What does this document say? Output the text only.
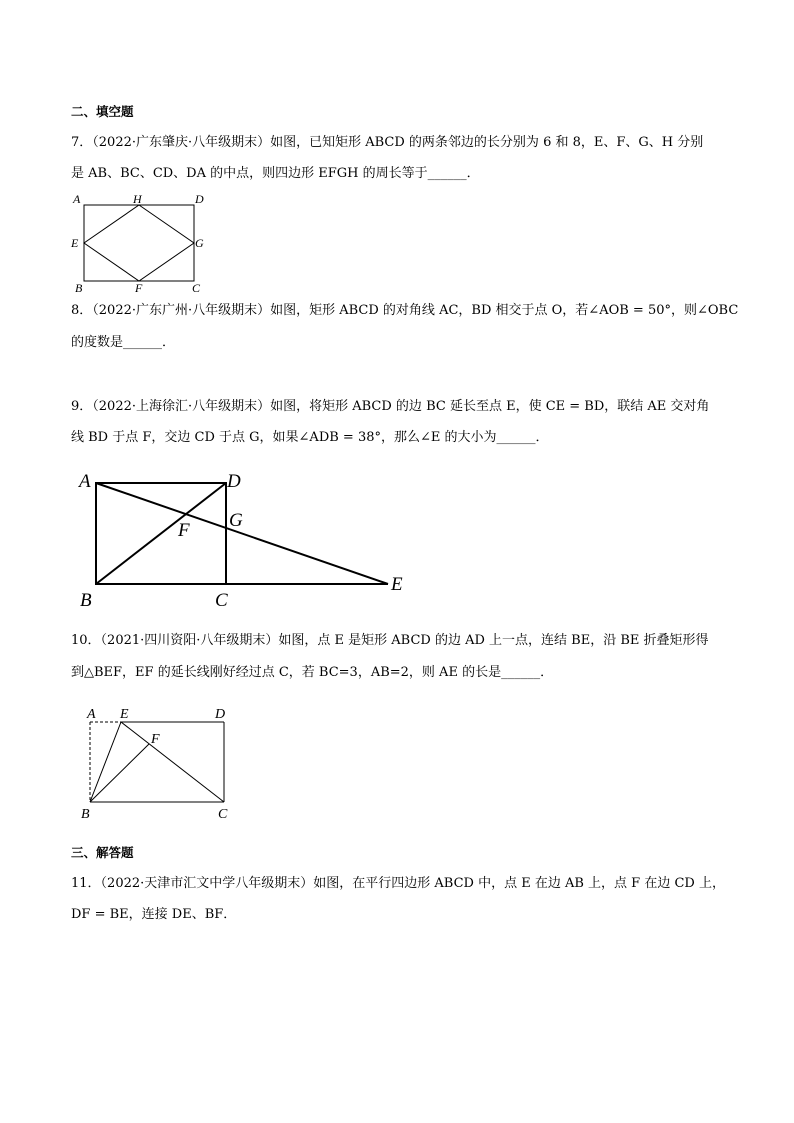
二、填空题
7．（2022·广东肇庆·八年级期末）如图，已知矩形 ABCD 的两条邻边的长分别为 6 和 8，E、F、G、H 分别
是 AB、BC、CD、DA 的中点，则四边形 EFGH 的周长等于______．
A	H	D
E	G
B	F	C
8．（2022·广东广州·八年级期末）如图，矩形 ABCD 的对角线 AC，BD 相交于点 O，若∠AOB = 50°，则∠OBC
的度数是______．
9．（2022·上海徐汇·八年级期末）如图，将矩形 ABCD 的边 BC 延长至点 E，使 CE = BD，联结 AE 交对角
线 BD 于点 F，交边 CD 于点 G，如果∠ADB = 38°，那么∠E 的大小为______．
A	D
G
F
B	C
E
10．（2021·四川资阳·八年级期末）如图，点 E 是矩形 ABCD 的边 AD 上一点，连结 BE，沿 BE 折叠矩形得
到△BEF，EF 的延长线刚好经过点 C，若 BC=3，AB=2，则 AE 的长是______．
A E	D
F
B	C
三、解答题
11．（2022·天津市汇文中学八年级期末）如图，在平行四边形 ABCD 中，点 E 在边 AB 上，点 F 在边 CD 上，
DF = BE，连接 DE、BF．
